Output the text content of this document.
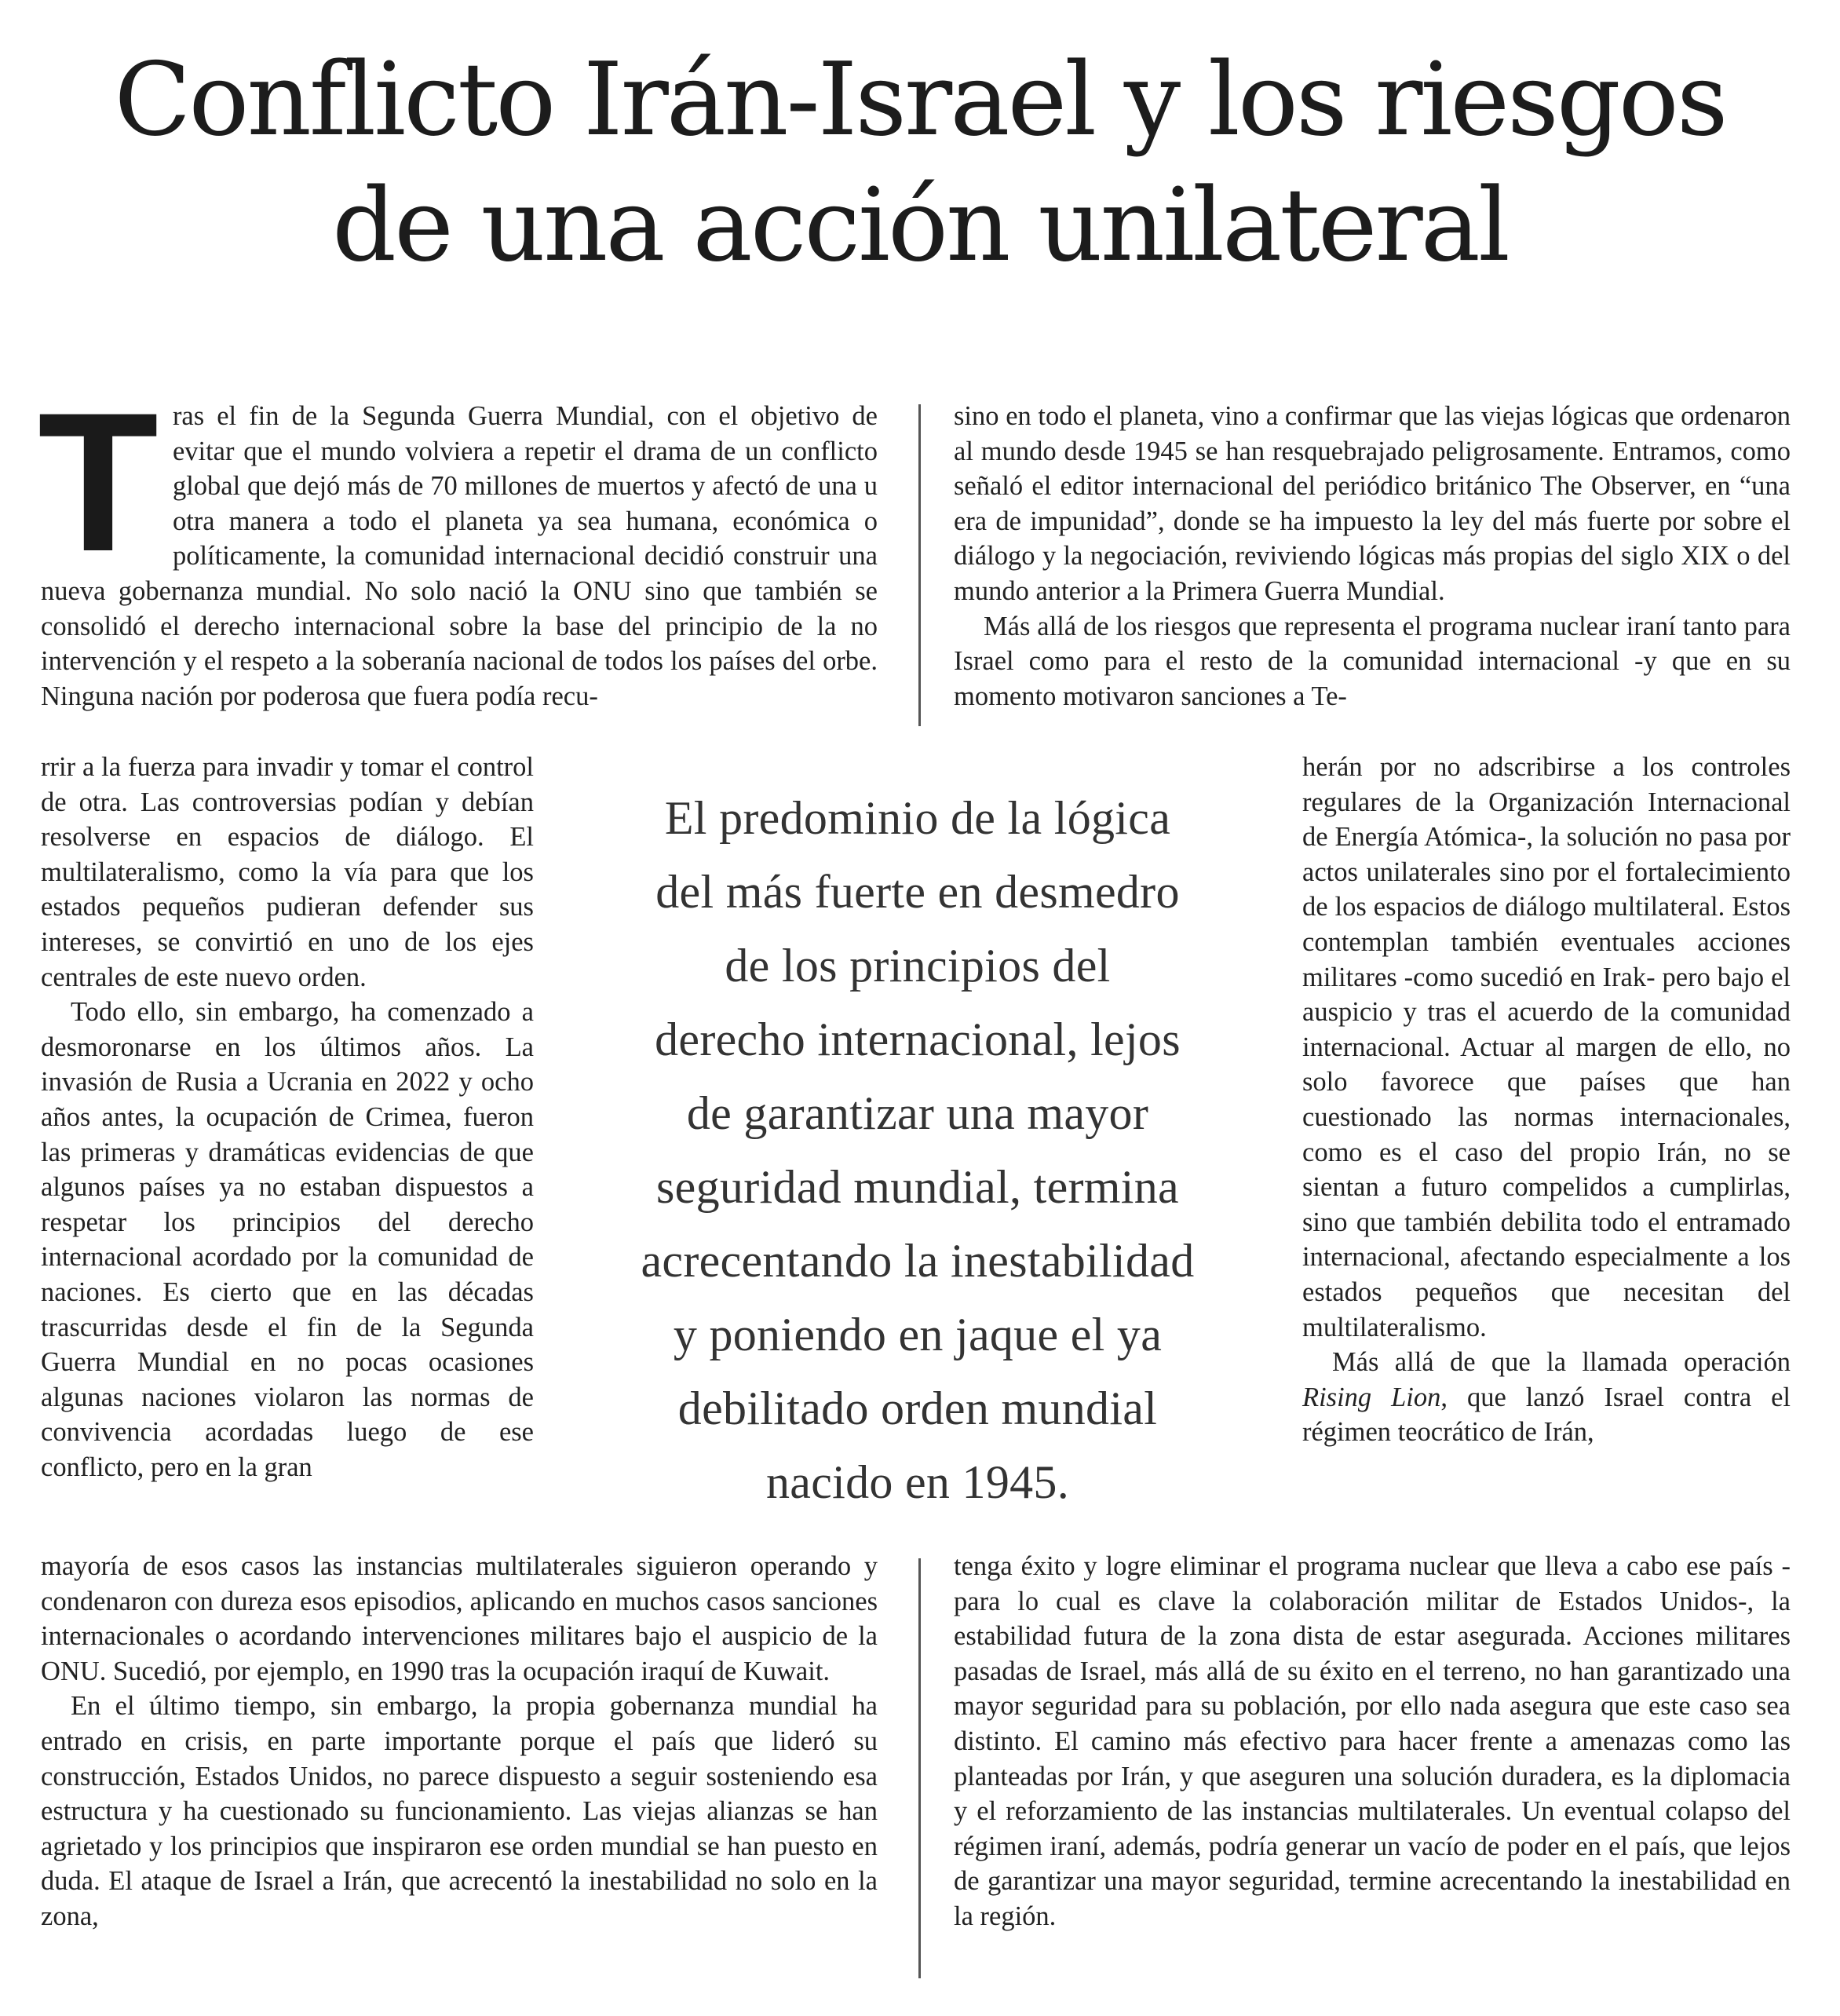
Conflicto Irán-Israel y los riesgos
de una acción unilateral
T ras el fin de la Segunda Guerra Mundial, con el objetivo de evitar que el mundo volviera a repetir el drama de un conflicto global que dejó más de 70 millones de muertos y afectó de una u otra manera a todo el planeta ya sea humana, económica o políticamente, la comunidad internacional decidió construir una nueva gobernanza mundial. No solo nació la ONU sino que también se consolidó el derecho internacional sobre la base del principio de la no intervención y el respeto a la soberanía nacional de todos los países del orbe. Ninguna nación por poderosa que fuera podía recu-

rrir a la fuerza para invadir y tomar el control de otra. Las controversias podían y debían resolverse en espacios de diálogo. El multilateralismo, como la vía para que los estados pequeños pudieran defender sus intereses, se convirtió en uno de los ejes centrales de este nuevo orden.

Todo ello, sin embargo, ha comenzado a desmoronarse en los últimos años. La invasión de Rusia a Ucrania en 2022 y ocho años antes, la ocupación de Crimea, fueron las primeras y dramáticas evidencias de que algunos países ya no estaban dispuestos a respetar los principios del derecho internacional acordado por la comunidad de naciones. Es cierto que en las décadas trascurridas desde el fin de la Segunda Guerra Mundial en no pocas ocasiones algunas naciones violaron las normas de convivencia acordadas luego de ese conflicto, pero en la gran

mayoría de esos casos las instancias multilaterales siguieron operando y condenaron con dureza esos episodios, aplicando en muchos casos sanciones internacionales o acordando intervenciones militares bajo el auspicio de la ONU. Sucedió, por ejemplo, en 1990 tras la ocupación iraquí de Kuwait.

En el último tiempo, sin embargo, la propia gobernanza mundial ha entrado en crisis, en parte importante porque el país que lideró su construcción, Estados Unidos, no parece dispuesto a seguir sosteniendo esa estructura y ha cuestionado su funcionamiento. Las viejas alianzas se han agrietado y los principios que inspiraron ese orden mundial se han puesto en duda. El ataque de Israel a Irán, que acrecentó la inestabilidad no solo en la zona,

sino en todo el planeta, vino a confirmar que las viejas lógicas que ordenaron al mundo desde 1945 se han resquebrajado peligrosamente. Entramos, como señaló el editor internacional del periódico británico The Observer, en “una era de impunidad”, donde se ha impuesto la ley del más fuerte por sobre el diálogo y la negociación, reviviendo lógicas más propias del siglo XIX o del mundo anterior a la Primera Guerra Mundial.

Más allá de los riesgos que representa el programa nuclear iraní tanto para Israel como para el resto de la comunidad internacional -y que en su momento motivaron sanciones a Te-

herán por no adscribirse a los controles regulares de la Organización Internacional de Energía Atómica-, la solución no pasa por actos unilaterales sino por el fortalecimiento de los espacios de diálogo multilateral. Estos contemplan también eventuales acciones militares -como sucedió en Irak- pero bajo el auspicio y tras el acuerdo de la comunidad internacional. Actuar al margen de ello, no solo favorece que países que han cuestionado las normas internacionales, como es el caso del propio Irán, no se sientan a futuro compelidos a cumplirlas, sino que también debilita todo el entramado internacional, afectando especialmente a los estados pequeños que necesitan del multilateralismo.

Más allá de que la llamada operación Rising Lion, que lanzó Israel contra el régimen teocrático de Irán,

tenga éxito y logre eliminar el programa nuclear que lleva a cabo ese país -para lo cual es clave la colaboración militar de Estados Unidos-, la estabilidad futura de la zona dista de estar asegurada. Acciones militares pasadas de Israel, más allá de su éxito en el terreno, no han garantizado una mayor seguridad para su población, por ello nada asegura que este caso sea distinto. El camino más efectivo para hacer frente a amenazas como las planteadas por Irán, y que aseguren una solución duradera, es la diplomacia y el reforzamiento de las instancias multilaterales. Un eventual colapso del régimen iraní, además, podría generar un vacío de poder en el país, que lejos de garantizar una mayor seguridad, termine acrecentando la inestabilidad en la región.

El predominio de la lógica
del más fuerte en desmedro
de los principios del
derecho internacional, lejos
de garantizar una mayor
seguridad mundial, termina
acrecentando la inestabilidad
y poniendo en jaque el ya
debilitado orden mundial
nacido en 1945.
